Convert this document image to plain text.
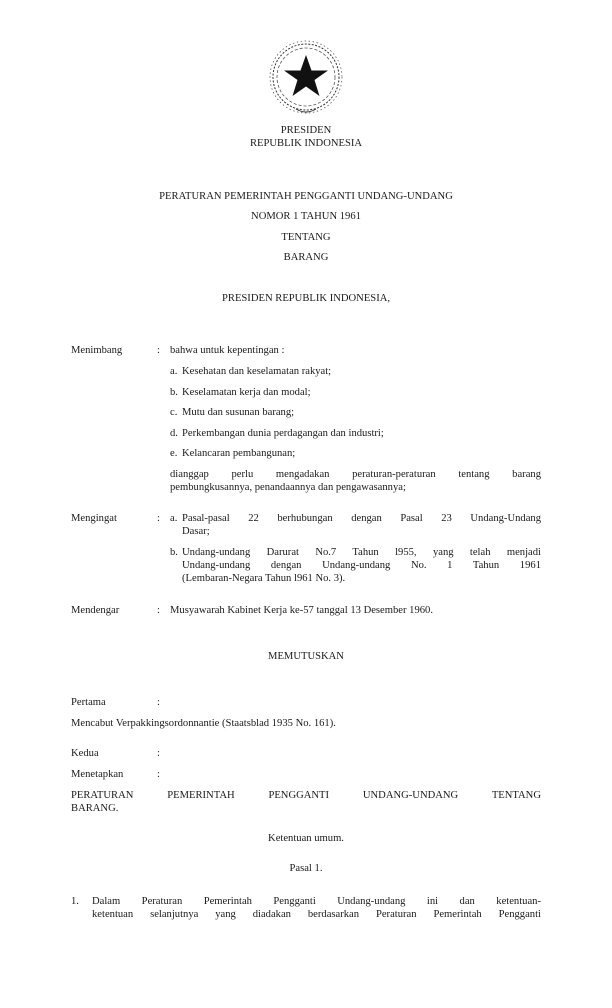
PRESIDEN
REPUBLIK INDONESIA
PERATURAN PEMERINTAH PENGGANTI UNDANG-UNDANG
NOMOR 1 TAHUN 1961
TENTANG
BARANG
PRESIDEN REPUBLIK INDONESIA,
Menimbang	: bahwa untuk kepentingan :
a. Kesehatan dan keselamatan rakyat;
b. Keselamatan kerja dan modal;
c. Mutu dan susunan barang;
d. Perkembangan dunia perdagangan dan industri;
e. Kelancaran pembangunan;
dianggap perlu mengadakan peraturan-peraturan tentang barang
pembungkusannya, penandaannya dan pengawasannya;
Mengingat	: a. Pasal-pasal 22 berhubungan dengan Pasal 23 Undang-Undang
Dasar;
b. Undang-undang Darurat No.7 Tahun l955, yang telah menjadi
Undang-undang dengan Undang-undang No. 1 Tahun 1961
(Lembaran-Negara Tahun l961 No. 3).
Mendengar	: Musyawarah Kabinet Kerja ke-57 tanggal 13 Desember 1960.
MEMUTUSKAN
Pertama	:
Mencabut Verpakkingsordonnantie (Staatsblad 1935 No. 161).
Kedua	:
Menetapkan	:
PERATURAN PEMERINTAH PENGGANTI UNDANG-UNDANG TENTANG
BARANG.
Ketentuan umum.
Pasal 1.
1. Dalam Peraturan Pemerintah Pengganti Undang-undang ini dan ketentuan-
ketentuan selanjutnya yang diadakan berdasarkan Peraturan Pemerintah Pengganti
